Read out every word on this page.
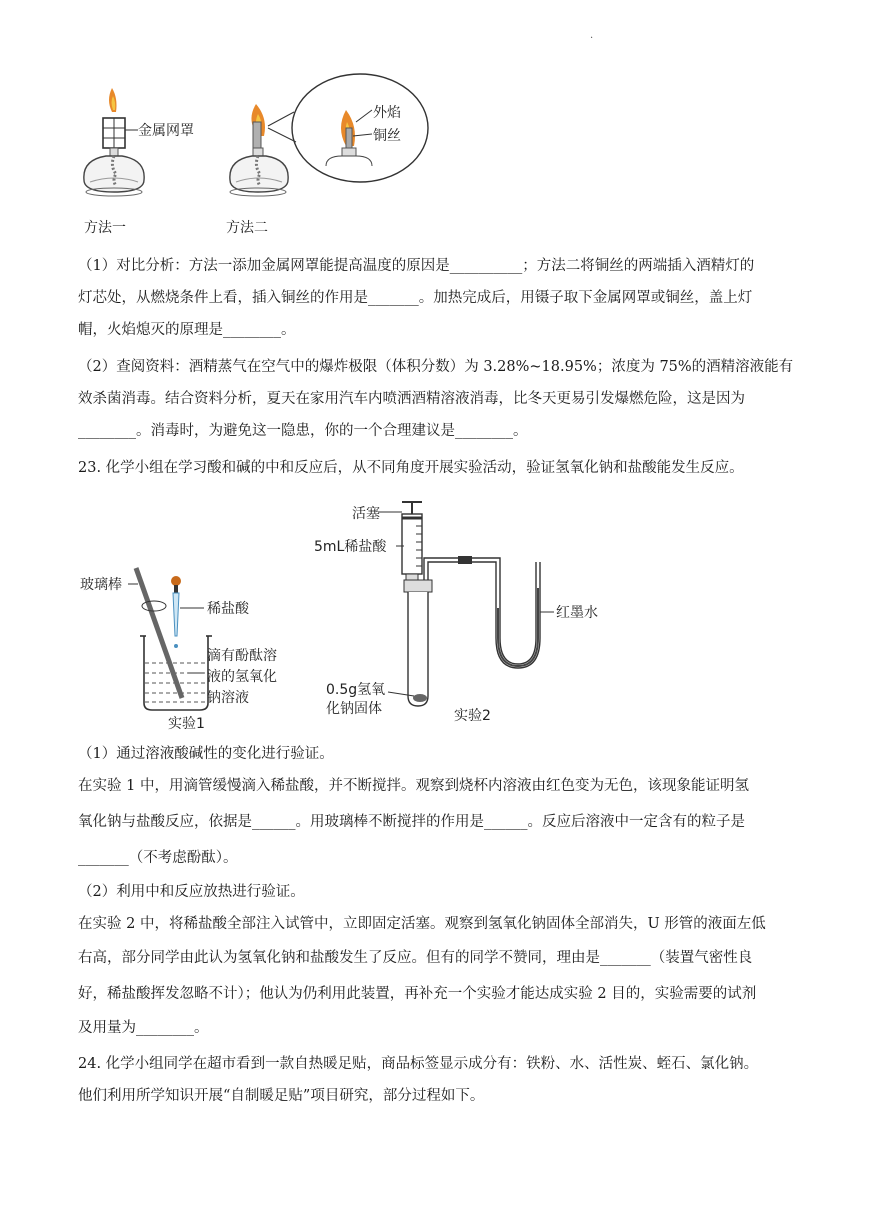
.
金属网罩
外焰
铜丝
方法一	方法二
（1）对比分析：方法一添加金属网罩能提高温度的原因是__________；方法二将铜丝的两端插入酒精灯的
灯芯处，从燃烧条件上看，插入铜丝的作用是_______。加热完成后，用镊子取下金属网罩或铜丝，盖上灯
帽，火焰熄灭的原理是________。
（2）查阅资料：酒精蒸气在空气中的爆炸极限（体积分数）为 3.28%~18.95%；浓度为 75%的酒精溶液能有
效杀菌消毒。结合资料分析，夏天在家用汽车内喷洒酒精溶液消毒，比冬天更易引发爆燃危险，这是因为
________。消毒时，为避免这一隐患，你的一个合理建议是________。
23. 化学小组在学习酸和碱的中和反应后，从不同角度开展实验活动，验证氢氧化钠和盐酸能发生反应。
玻璃棒
稀盐酸
滴有酚酞溶
液的氢氧化
钠溶液
实验1
活塞
5mL稀盐酸
红墨水
0.5g氢氧
化钠固体	实验2
（1）通过溶液酸碱性的变化进行验证。
在实验 1 中，用滴管缓慢滴入稀盐酸，并不断搅拌。观察到烧杯内溶液由红色变为无色，该现象能证明氢
氧化钠与盐酸反应，依据是______。用玻璃棒不断搅拌的作用是______。反应后溶液中一定含有的粒子是
_______（不考虑酚酞）。
（2）利用中和反应放热进行验证。
在实验 2 中，将稀盐酸全部注入试管中，立即固定活塞。观察到氢氧化钠固体全部消失，U 形管的液面左低
右高，部分同学由此认为氢氧化钠和盐酸发生了反应。但有的同学不赞同，理由是_______（装置气密性良
好，稀盐酸挥发忽略不计）；他认为仍利用此装置，再补充一个实验才能达成实验 2 目的，实验需要的试剂
及用量为________。
24. 化学小组同学在超市看到一款自热暖足贴，商品标签显示成分有：铁粉、水、活性炭、蛭石、氯化钠。
他们利用所学知识开展“自制暖足贴”项目研究，部分过程如下。
